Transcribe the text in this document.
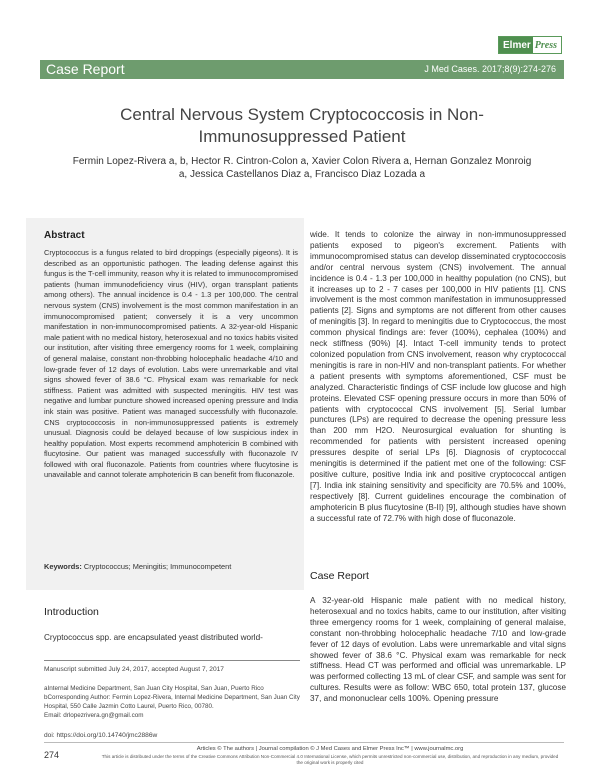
Elmer Press
Case Report	J Med Cases. 2017;8(9):274-276
Central Nervous System Cryptococcosis in Non-Immunosuppressed Patient
Fermin Lopez-Rivera a, b, Hector R. Cintron-Colon a, Xavier Colon Rivera a, Hernan Gonzalez Monroig a, Jessica Castellanos Diaz a, Francisco Diaz Lozada a
Abstract
Cryptococcus is a fungus related to bird droppings (especially pigeons). It is described as an opportunistic pathogen. The leading defense against this fungus is the T-cell immunity, reason why it is related to immunocompromised patients (human immunodeficiency virus (HIV), organ transplant patients among others). The annual incidence is 0.4 - 1.3 per 100,000. The central nervous system (CNS) involvement is the most common manifestation in an immunocompromised patient; conversely it is a very uncommon manifestation in non-immunocompromised patients. A 32-year-old Hispanic male patient with no medical history, heterosexual and no toxics habits visited our institution, after visiting three emergency rooms for 1 week, complaining of general malaise, constant non-throbbing holocephalic headache 4/10 and low-grade fever of 12 days of evolution. Labs were unremarkable and vital signs showed fever of 38.6 °C. Physical exam was remarkable for neck stiffness. Patient was admitted with suspected meningitis. HIV test was negative and lumbar puncture showed increased opening pressure and India ink stain was positive. Patient was managed successfully with fluconazole. CNS cryptococcosis in non-immunosuppressed patients is extremely unusual. Diagnosis could be delayed because of low suspicious index in healthy population. Most experts recommend amphotericin B combined with flucytosine. Our patient was managed successfully with fluconazole IV followed with oral fluconazole. Patients from countries where flucytosine is unavailable and cannot tolerate amphotericin B can benefit from fluconazole.
Keywords: Cryptococcus; Meningitis; Immunocompetent
Introduction
Cryptococcus spp. are encapsulated yeast distributed world-
Manuscript submitted July 24, 2017, accepted August 7, 2017
aInternal Medicine Department, San Juan City Hospital, San Juan, Puerto Rico
bCorresponding Author: Fermin Lopez-Rivera, Internal Medicine Department, San Juan City Hospital, 550 Calle Jazmin Cotto Laurel, Puerto Rico, 00780.
Email: drlopezrivera.gn@gmail.com
doi: https://doi.org/10.14740/jmc2886w
wide. It tends to colonize the airway in non-immunosuppressed patients exposed to pigeon's excrement. Patients with immunocompromised status can develop disseminated cryptococcosis and/or central nervous system (CNS) involvement. The annual incidence is 0.4 - 1.3 per 100,000 in healthy population (no CNS), but it increases up to 2 - 7 cases per 100,000 in HIV patients [1]. CNS involvement is the most common manifestation in immunosuppressed patients [2]. Signs and symptoms are not different from other causes of meningitis [3]. In regard to meningitis due to Cryptococcus, the most common physical findings are: fever (100%), cephalea (100%) and neck stiffness (90%) [4]. Intact T-cell immunity tends to protect colonized population from CNS involvement, reason why cryptococcal meningitis is rare in non-HIV and non-transplant patients. For whether a patient presents with symptoms aforementioned, CSF must be analyzed. Characteristic findings of CSF include low glucose and high proteins. Elevated CSF opening pressure occurs in more than 50% of patients with cryptococcal CNS involvement [5]. Serial lumbar punctures (LPs) are required to decrease the opening pressure less than 200 mm H2O. Neurosurgical evaluation for shunting is recommended for patients with persistent increased opening pressures despite of serial LPs [6]. Diagnosis of cryptococcal meningitis is determined if the patient met one of the following: CSF positive culture, positive India ink and positive cryptococcal antigen [7]. India ink staining sensitivity and specificity are 70.5% and 100%, respectively [8]. Current guidelines encourage the combination of amphotericin B plus flucytosine (B-II) [9], although studies have shown a successful rate of 72.7% with high dose of fluconazole.
Case Report
A 32-year-old Hispanic male patient with no medical history, heterosexual and no toxics habits, came to our institution, after visiting three emergency rooms for 1 week, complaining of general malaise, constant non-throbbing holocephalic headache 7/10 and low-grade fever of 12 days of evolution. Labs were unremarkable and vital signs showed fever of 38.6 °C. Physical exam was remarkable for neck stiffness. Head CT was performed and official was unremarkable. LP was performed collecting 13 mL of clear CSF, and sample was sent for cultures. Results were as follow: WBC 650, total protein 137, glucose 37, and mononuclear cells 100%. Opening pressure
274
Articles © The authors | Journal compilation © J Med Cases and Elmer Press Inc™ | www.journalmc.org
This article is distributed under the terms of the Creative Commons Attribution Non-Commercial 4.0 International License, which permits unrestricted non-commercial use, distribution, and reproduction in any medium, provided the original work is properly cited
